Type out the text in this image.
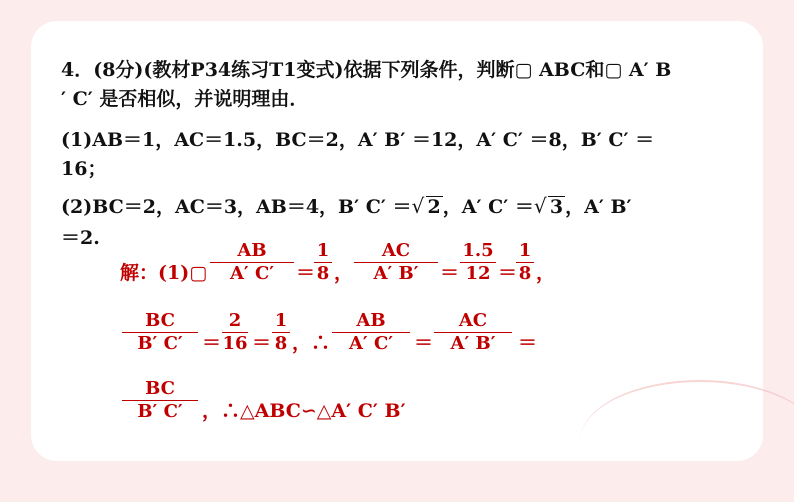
4．(8分)(教材P34练习T1变式)依据下列条件，判断▢ ABC和▢ A′ B
′ C′ 是否相似，并说明理由．
(1)AB＝1，AC＝1.5，BC＝2，A′ B′ ＝12，A′ C′ ＝8，B′ C′ ＝
16；
(2)BC＝2，AC＝3，AB＝4，B′ C′ ＝ √ 2 ，A′ C′ ＝ √ 3 ，A′ B′
＝2.
解：(1)▢
AB
A′ C′	＝
1
8 ，
AC
A′ B′	＝
1.5
12 ＝
1
8 ，
BC
B′ C′	＝
2
16 ＝
1
8 ，∴
AB
A′ C′	＝
AC
A′ B′	＝
BC
B′ C′	，∴△ABC∽△A′ C′ B′
